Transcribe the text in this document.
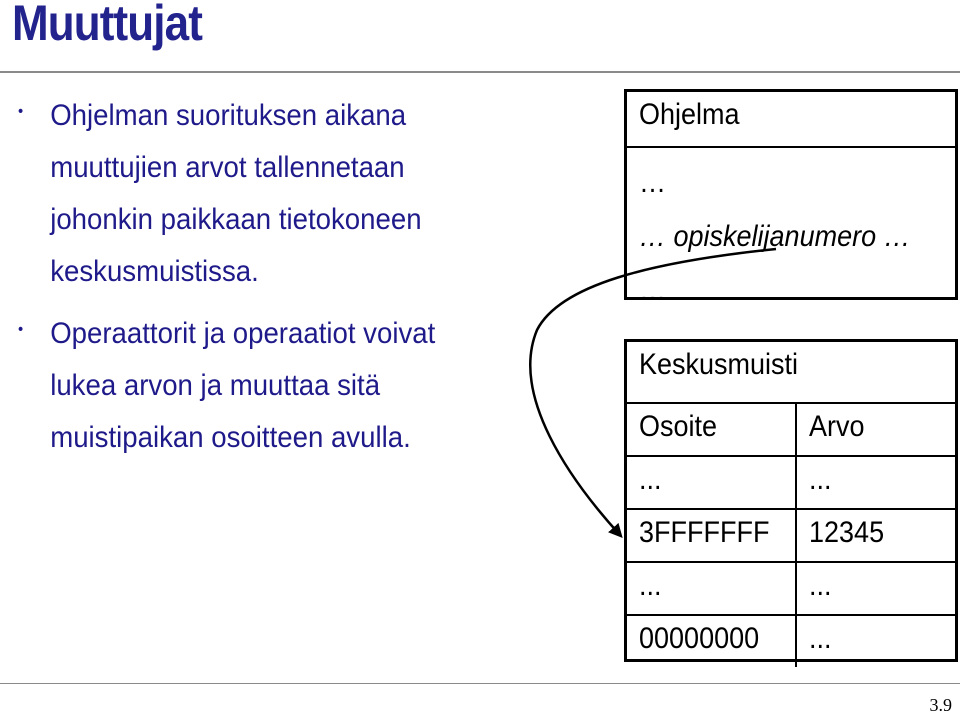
Muuttujat
• Ohjelman suorituksen aikana muuttujien arvot tallennetaan johonkin paikkaan tietokoneen keskusmuistissa.
• Operaattorit ja operaatiot voivat lukea arvon ja muuttaa sitä muistipaikan osoitteen avulla.
Ohjelma
…
… opiskelijanumero …
…
Keskusmuisti
Osoite	Arvo
...	...
3FFFFFFF	12345
...	...
00000000	...
3.9
